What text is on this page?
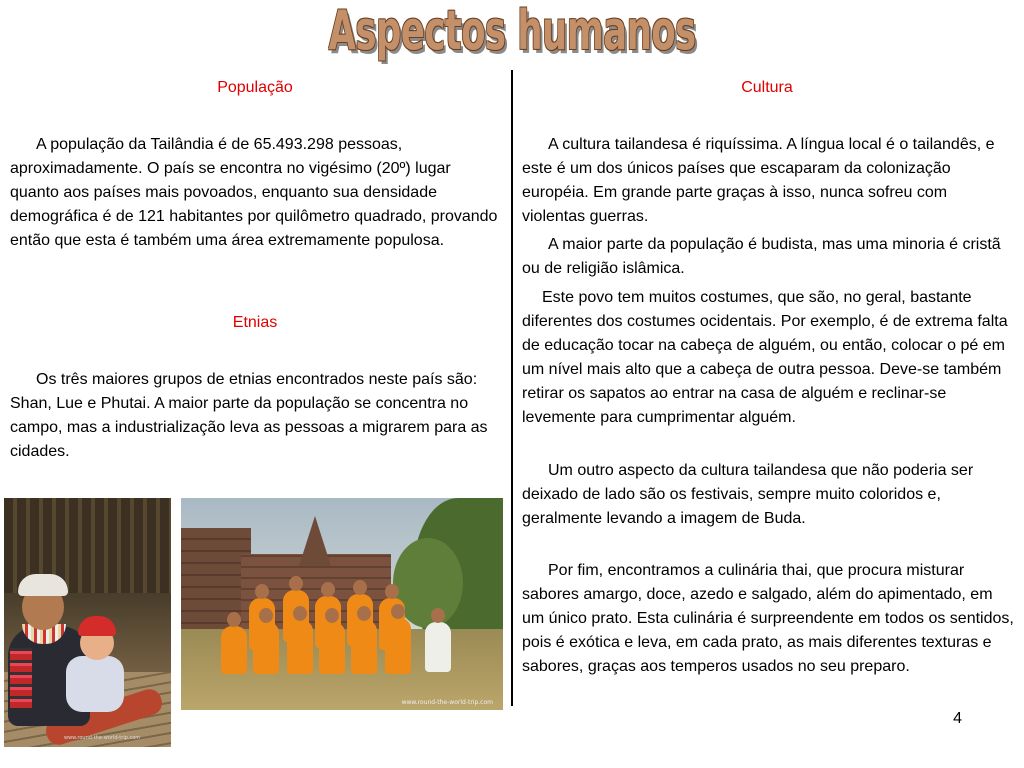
Aspectos humanos

População

A população da Tailândia é de 65.493.298 pessoas, aproximadamente. O país se encontra no vigésimo (20º) lugar quanto aos países mais povoados, enquanto sua densidade demográfica é de 121 habitantes por quilômetro quadrado, provando então que esta é também uma área extremamente populosa.

Etnias

Os três maiores grupos de etnias encontrados neste país são: Shan, Lue e Phutai. A maior parte da população se concentra no campo, mas a industrialização leva as pessoas a migrarem para as cidades.

www.round-the-world-trip.com
www.round-the-world-trip.com

Cultura

A cultura tailandesa é riquíssima. A língua local é o tailandês, e este é um dos únicos países que escaparam da colonização européia. Em grande parte graças à isso, nunca sofreu com violentas guerras.

A maior parte da população é budista, mas uma minoria é cristã ou de religião islâmica.

Este povo tem muitos costumes, que são, no geral, bastante diferentes dos costumes ocidentais. Por exemplo, é de extrema falta de educação tocar na cabeça de alguém, ou então, colocar o pé em um nível mais alto que a cabeça de outra pessoa. Deve-se também retirar os sapatos ao entrar na casa de alguém e reclinar-se levemente para cumprimentar alguém.

Um outro aspecto da cultura tailandesa que não poderia ser deixado de lado são os festivais, sempre muito coloridos e, geralmente levando a imagem de Buda.

Por fim, encontramos a culinária thai, que procura misturar sabores amargo, doce, azedo e salgado, além do apimentado, em um único prato. Esta culinária é surpreendente em todos os sentidos, pois é exótica e leva, em cada prato, as mais diferentes texturas e sabores, graças aos temperos usados no seu preparo.

4
